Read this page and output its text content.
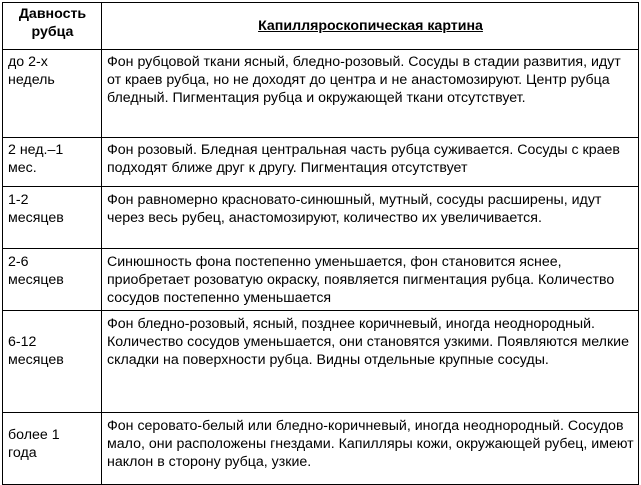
Давность
рубца	Капилляроскопическая картина
до 2-х
недель	Фон рубцовой ткани ясный, бледно-розовый. Сосуды в стадии развития, идут от краев рубца, но не доходят до центра и не анастомозируют. Центр рубца бледный. Пигментация рубца и окружающей ткани отсутствует.

2 нед.–1
мес.	Фон розовый. Бледная центральная часть рубца суживается. Сосуды с краев подходят ближе друг к другу. Пигментация отсутствует

1-2
месяцев	Фон равномерно красновато-синюшный, мутный, сосуды расширены, идут через весь рубец, анастомозируют, количество их увеличивается.

2-6
месяцев	Синюшность фона постепенно уменьшается, фон становится яснее, приобретает розоватую окраску, появляется пигментация рубца. Количество сосудов постепенно уменьшается

6-12
месяцев	Фон бледно-розовый, ясный, позднее коричневый, иногда неоднородный. Количество сосудов уменьшается, они становятся узкими. Появляются мелкие складки на поверхности рубца. Видны отдельные крупные сосуды.

более 1
года	Фон серовато-белый или бледно-коричневый, иногда неоднородный. Сосудов мало, они расположены гнездами. Капилляры кожи, окружающей рубец, имеют наклон в сторону рубца, узкие.
